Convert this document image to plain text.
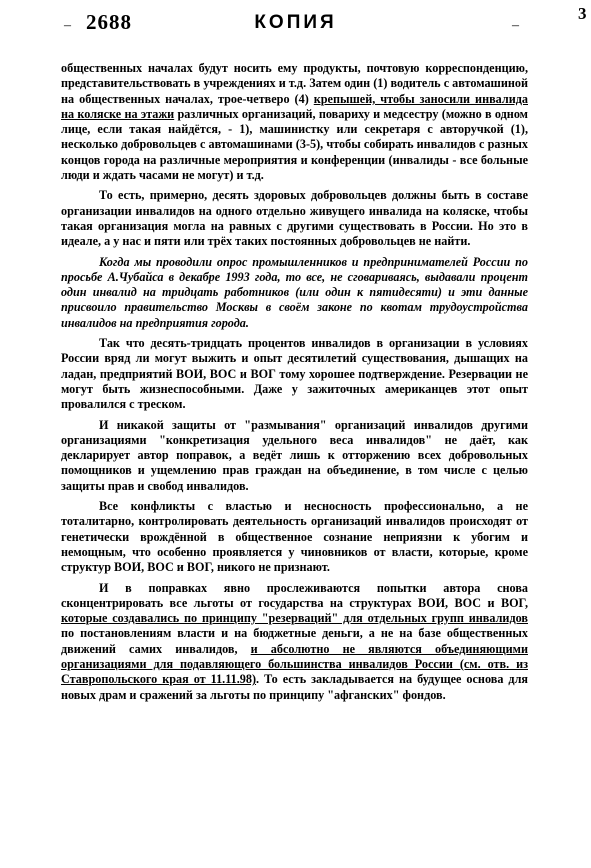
2688
–	КОПИЯ	–
3

общественных началах будут носить ему продукты, почтовую корреспонденцию, представительствовать в учреждениях и т.д. Затем один (1) водитель с автомашиной на общественных началах, трое-четверо (4) крепышей, чтобы заносили инвалида на коляске на этажи различных организаций, повариху и медсестру (можно в одном лице, если такая найдётся, - 1), машинистку или секретаря с авторучкой (1), несколько добровольцев с автомашинами (3-5), чтобы собирать инвалидов с разных концов города на различные мероприятия и конференции (инвалиды - все больные люди и ждать часами не могут) и т.д.

То есть, примерно, десять здоровых добровольцев должны быть в составе организации инвалидов на одного отдельно живущего инвалида на коляске, чтобы такая организация могла на равных с другими существовать в России. Но это в идеале, а у нас и пяти или трёх таких постоянных добровольцев не найти.

Когда мы проводили опрос промышленников и предпринимателей России по просьбе А.Чубайса в декабре 1993 года, то все, не сговариваясь, выдавали процент один инвалид на тридцать работников (или один к пятидесяти) и эти данные присвоило правительство Москвы в своём законе по квотам трудоустройства инвалидов на предприятия города.

Так что десять-тридцать процентов инвалидов в организации в условиях России вряд ли могут выжить и опыт десятилетий существования, дышащих на ладан, предприятий ВОИ, ВОС и ВОГ тому хорошее подтверждение. Резервации не могут быть жизнеспособными. Даже у зажиточных американцев этот опыт провалился с треском.

И никакой защиты от "размывания" организаций инвалидов другими организациями "конкретизация удельного веса инвалидов" не даёт, как декларирует автор поправок, а ведёт лишь к отторжению всех добровольных помощников и ущемлению прав граждан на объединение, в том числе с целью защиты прав и свобод инвалидов.

Все конфликты с властью и несносность профессионально, а не тоталитарно, контролировать деятельность организаций инвалидов происходят от генетически врождённой в общественное сознание неприязни к убогим и немощным, что особенно проявляется у чиновников от власти, которые, кроме структур ВОИ, ВОС и ВОГ, никого не признают.

И в поправках явно прослеживаются попытки автора снова сконцентрировать все льготы от государства на структурах ВОИ, ВОС и ВОГ, которые создавались по принципу "резерваций" для отдельных групп инвалидов по постановлениям власти и на бюджетные деньги, а не на базе общественных движений самих инвалидов, и абсолютно не являются объединяющими организациями для подавляющего большинства инвалидов России (см. отв. из Ставропольского края от 11.11.98). То есть закладывается на будущее основа для новых драм и сражений за льготы по принципу "афганских" фондов.
